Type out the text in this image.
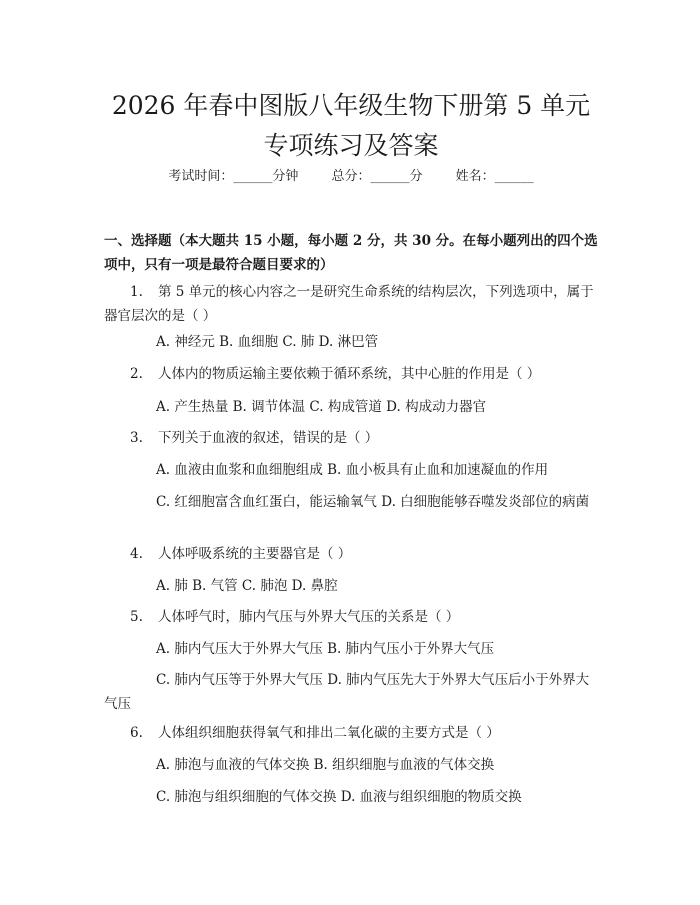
2026 年春中图版八年级生物下册第 5 单元专项练习及答案
考试时间：______分钟	总分：______分	姓名：______

一、选择题（本大题共 15 小题，每小题 2 分，共 30 分。在每小题列出的四个选项中，只有一项是最符合题目要求的）

1. 第 5 单元的核心内容之一是研究生命系统的结构层次，下列选项中，属于器官层次的是（ ）

A. 神经元 B. 血细胞 C. 肺 D. 淋巴管

2. 人体内的物质运输主要依赖于循环系统，其中心脏的作用是（ ）

A. 产生热量 B. 调节体温 C. 构成管道 D. 构成动力器官

3. 下列关于血液的叙述，错误的是（ ）

A. 血液由血浆和血细胞组成 B. 血小板具有止血和加速凝血的作用

C. 红细胞富含血红蛋白，能运输氧气 D. 白细胞能够吞噬发炎部位的病菌

4. 人体呼吸系统的主要器官是（ ）

A. 肺 B. 气管 C. 肺泡 D. 鼻腔

5. 人体呼气时，肺内气压与外界大气压的关系是（ ）

A. 肺内气压大于外界大气压 B. 肺内气压小于外界大气压

C. 肺内气压等于外界大气压 D. 肺内气压先大于外界大气压后小于外界大气压

6. 人体组织细胞获得氧气和排出二氧化碳的主要方式是（ ）

A. 肺泡与血液的气体交换 B. 组织细胞与血液的气体交换

C. 肺泡与组织细胞的气体交换 D. 血液与组织细胞的物质交换
